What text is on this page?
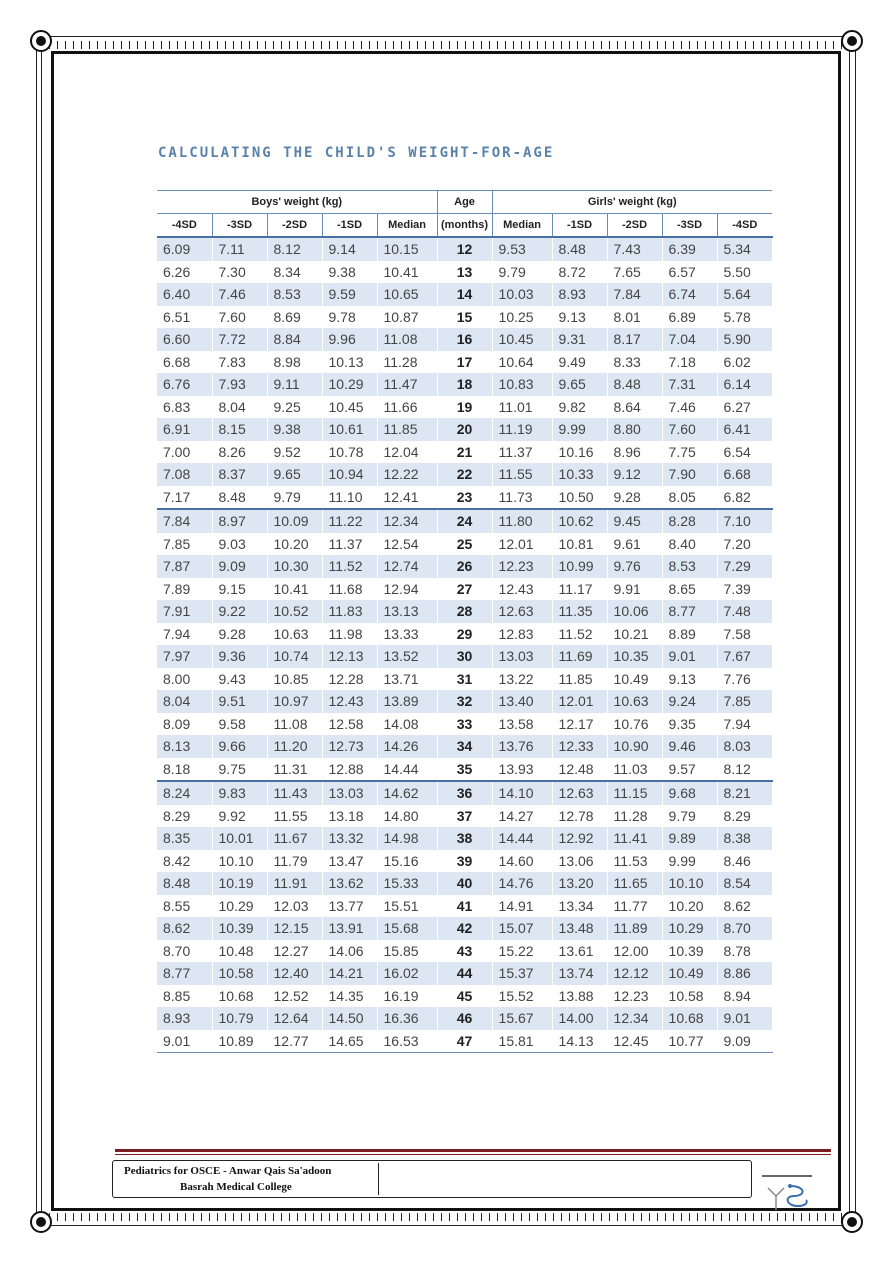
CALCULATING THE CHILD'S WEIGHT-FOR-AGE
Boys' weight (kg)					Age	Girls' weight (kg)				
-4SD	-3SD	-2SD	-1SD	Median	(months)	Median	-1SD	-2SD	-3SD	-4SD
6.09	7.11	8.12	9.14	10.15	12	9.53	8.48	7.43	6.39	5.34
6.26	7.30	8.34	9.38	10.41	13	9.79	8.72	7.65	6.57	5.50
6.40	7.46	8.53	9.59	10.65	14	10.03	8.93	7.84	6.74	5.64
6.51	7.60	8.69	9.78	10.87	15	10.25	9.13	8.01	6.89	5.78
6.60	7.72	8.84	9.96	11.08	16	10.45	9.31	8.17	7.04	5.90
6.68	7.83	8.98	10.13	11.28	17	10.64	9.49	8.33	7.18	6.02
6.76	7.93	9.11	10.29	11.47	18	10.83	9.65	8.48	7.31	6.14
6.83	8.04	9.25	10.45	11.66	19	11.01	9.82	8.64	7.46	6.27
6.91	8.15	9.38	10.61	11.85	20	11.19	9.99	8.80	7.60	6.41
7.00	8.26	9.52	10.78	12.04	21	11.37	10.16	8.96	7.75	6.54
7.08	8.37	9.65	10.94	12.22	22	11.55	10.33	9.12	7.90	6.68
7.17	8.48	9.79	11.10	12.41	23	11.73	10.50	9.28	8.05	6.82
7.84	8.97	10.09	11.22	12.34	24	11.80	10.62	9.45	8.28	7.10
7.85	9.03	10.20	11.37	12.54	25	12.01	10.81	9.61	8.40	7.20
7.87	9.09	10.30	11.52	12.74	26	12.23	10.99	9.76	8.53	7.29
7.89	9.15	10.41	11.68	12.94	27	12.43	11.17	9.91	8.65	7.39
7.91	9.22	10.52	11.83	13.13	28	12.63	11.35	10.06	8.77	7.48
7.94	9.28	10.63	11.98	13.33	29	12.83	11.52	10.21	8.89	7.58
7.97	9.36	10.74	12.13	13.52	30	13.03	11.69	10.35	9.01	7.67
8.00	9.43	10.85	12.28	13.71	31	13.22	11.85	10.49	9.13	7.76
8.04	9.51	10.97	12.43	13.89	32	13.40	12.01	10.63	9.24	7.85
8.09	9.58	11.08	12.58	14.08	33	13.58	12.17	10.76	9.35	7.94
8.13	9.66	11.20	12.73	14.26	34	13.76	12.33	10.90	9.46	8.03
8.18	9.75	11.31	12.88	14.44	35	13.93	12.48	11.03	9.57	8.12
8.24	9.83	11.43	13.03	14.62	36	14.10	12.63	11.15	9.68	8.21
8.29	9.92	11.55	13.18	14.80	37	14.27	12.78	11.28	9.79	8.29
8.35	10.01	11.67	13.32	14.98	38	14.44	12.92	11.41	9.89	8.38
8.42	10.10	11.79	13.47	15.16	39	14.60	13.06	11.53	9.99	8.46
8.48	10.19	11.91	13.62	15.33	40	14.76	13.20	11.65	10.10	8.54
8.55	10.29	12.03	13.77	15.51	41	14.91	13.34	11.77	10.20	8.62
8.62	10.39	12.15	13.91	15.68	42	15.07	13.48	11.89	10.29	8.70
8.70	10.48	12.27	14.06	15.85	43	15.22	13.61	12.00	10.39	8.78
8.77	10.58	12.40	14.21	16.02	44	15.37	13.74	12.12	10.49	8.86
8.85	10.68	12.52	14.35	16.19	45	15.52	13.88	12.23	10.58	8.94
8.93	10.79	12.64	14.50	16.36	46	15.67	14.00	12.34	10.68	9.01
9.01	10.89	12.77	14.65	16.53	47	15.81	14.13	12.45	10.77	9.09
Pediatrics for OSCE - Anwar Qais Sa'adoon
Basrah Medical College
